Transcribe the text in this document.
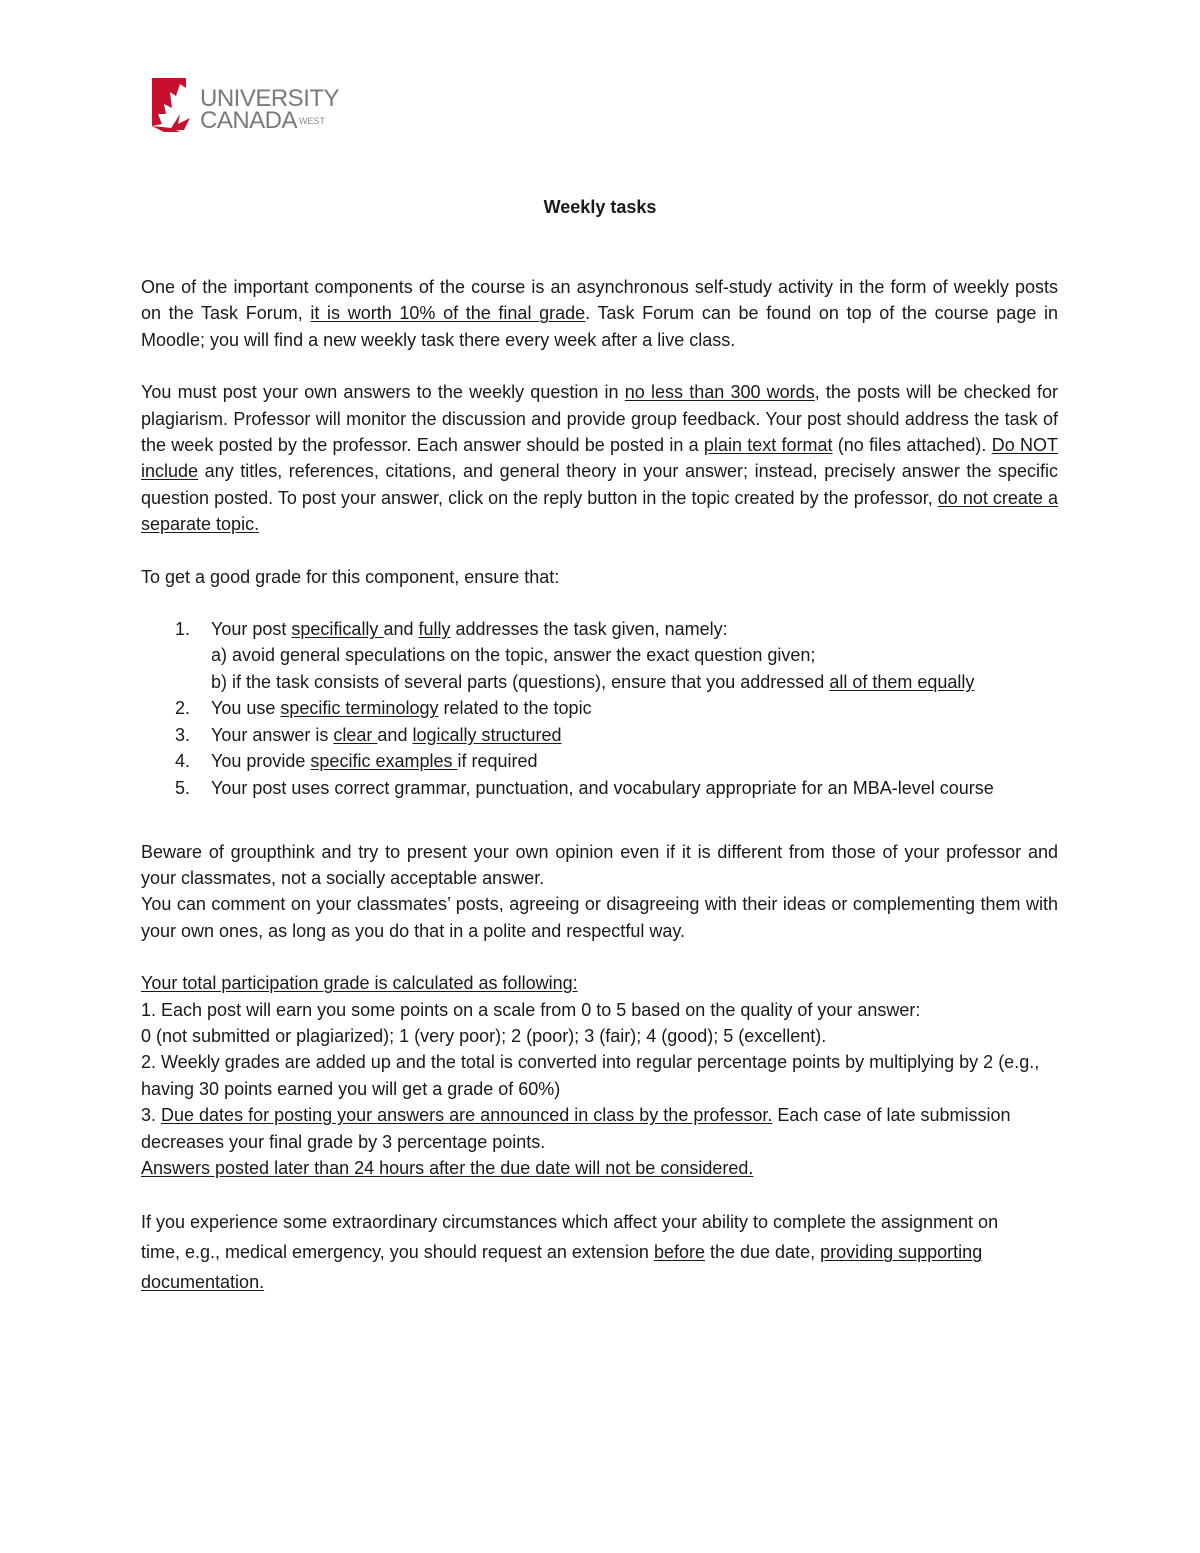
UNIVERSITY
CANADA $^{WEST}$
Weekly tasks

One of the important components of the course is an asynchronous self-study activity in the form of weekly posts on the Task Forum, it is worth 10% of the final grade. Task Forum can be found on top of the course page in Moodle; you will find a new weekly task there every week after a live class.

You must post your own answers to the weekly question in no less than 300 words, the posts will be checked for plagiarism. Professor will monitor the discussion and provide group feedback. Your post should address the task of the week posted by the professor. Each answer should be posted in a plain text format (no files attached). Do NOT include any titles, references, citations, and general theory in your answer; instead, precisely answer the specific question posted. To post your answer, click on the reply button in the topic created by the professor, do not create a separate topic.

To get a good grade for this component, ensure that:

1. Your post specifically and fully addresses the task given, namely:
a) avoid general speculations on the topic, answer the exact question given;
b) if the task consists of several parts (questions), ensure that you addressed all of them equally
2. You use specific terminology related to the topic
3. Your answer is clear and logically structured
4. You provide specific examples if required
5. Your post uses correct grammar, punctuation, and vocabulary appropriate for an MBA-level course

Beware of groupthink and try to present your own opinion even if it is different from those of your professor and your classmates, not a socially acceptable answer.

You can comment on your classmates’ posts, agreeing or disagreeing with their ideas or complementing them with your own ones, as long as you do that in a polite and respectful way.

Your total participation grade is calculated as following:

1. Each post will earn you some points on a scale from 0 to 5 based on the quality of your answer:

0 (not submitted or plagiarized); 1 (very poor); 2 (poor); 3 (fair); 4 (good); 5 (excellent).

2. Weekly grades are added up and the total is converted into regular percentage points by multiplying by 2 (e.g., having 30 points earned you will get a grade of 60%)

3. Due dates for posting your answers are announced in class by the professor. Each case of late submission decreases your final grade by 3 percentage points.

Answers posted later than 24 hours after the due date will not be considered.

If you experience some extraordinary circumstances which affect your ability to complete the assignment on time, e.g., medical emergency, you should request an extension before the due date, providing supporting documentation.
